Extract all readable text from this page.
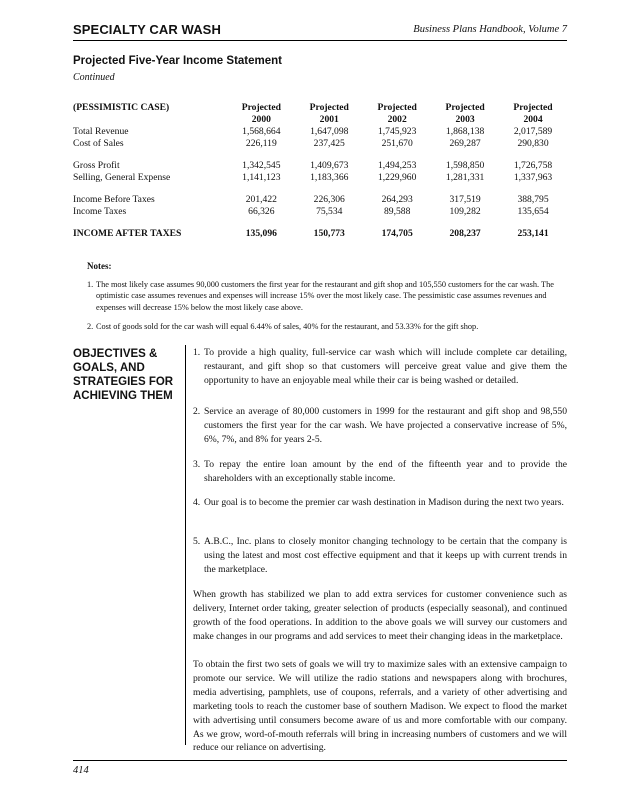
SPECIALTY CAR WASH	Business Plans Handbook, Volume 7
Projected Five-Year Income Statement
Continued
(PESSIMISTIC CASE)	Projected	Projected	Projected	Projected	Projected

	2000	2001	2002	2003	2004
Total Revenue	1,568,664	1,647,098	1,745,923	1,868,138	2,017,589
Cost of Sales	226,119	237,425	251,670	269,287	290,830

Gross Profit	1,342,545	1,409,673	1,494,253	1,598,850	1,726,758
Selling, General Expense	1,141,123	1,183,366	1,229,960	1,281,331	1,337,963

Income Before Taxes	201,422	226,306	264,293	317,519	388,795
Income Taxes	66,326	75,534	89,588	109,282	135,654

INCOME AFTER TAXES	135,096	150,773	174,705	208,237	253,141
Notes:
1. The most likely case assumes 90,000 customers the first year for the restaurant and gift shop and 105,550 customers for the car wash. The optimistic case assumes revenues and expenses will increase 15% over the most likely case. The pessimistic case assumes revenues and expenses will decrease 15% below the most likely case above.
2. Cost of goods sold for the car wash will equal 6.44% of sales, 40% for the restaurant, and 53.33% for the gift shop.
OBJECTIVES & GOALS, AND STRATEGIES FOR ACHIEVING THEM
1. To provide a high quality, full-service car wash which will include complete car detailing, restaurant, and gift shop so that customers will perceive great value and give them the opportunity to have an enjoyable meal while their car is being washed or detailed.
2. Service an average of 80,000 customers in 1999 for the restaurant and gift shop and 98,550 customers the first year for the car wash. We have projected a conservative increase of 5%, 6%, 7%, and 8% for years 2-5.
3. To repay the entire loan amount by the end of the fifteenth year and to provide the shareholders with an exceptionally stable income.
4. Our goal is to become the premier car wash destination in Madison during the next two years.
5. A.B.C., Inc. plans to closely monitor changing technology to be certain that the company is using the latest and most cost effective equipment and that it keeps up with current trends in the marketplace.
When growth has stabilized we plan to add extra services for customer convenience such as delivery, Internet order taking, greater selection of products (especially seasonal), and continued growth of the food operations. In addition to the above goals we will survey our customers and make changes in our programs and add services to meet their changing ideas in the marketplace.
To obtain the first two sets of goals we will try to maximize sales with an extensive campaign to promote our service. We will utilize the radio stations and newspapers along with brochures, media advertising, pamphlets, use of coupons, referrals, and a variety of other advertising and marketing tools to reach the customer base of southern Madison. We expect to flood the market with advertising until consumers become aware of us and more comfortable with our company. As we grow, word-of-mouth referrals will bring in increasing numbers of customers and we will reduce our reliance on advertising.
414
